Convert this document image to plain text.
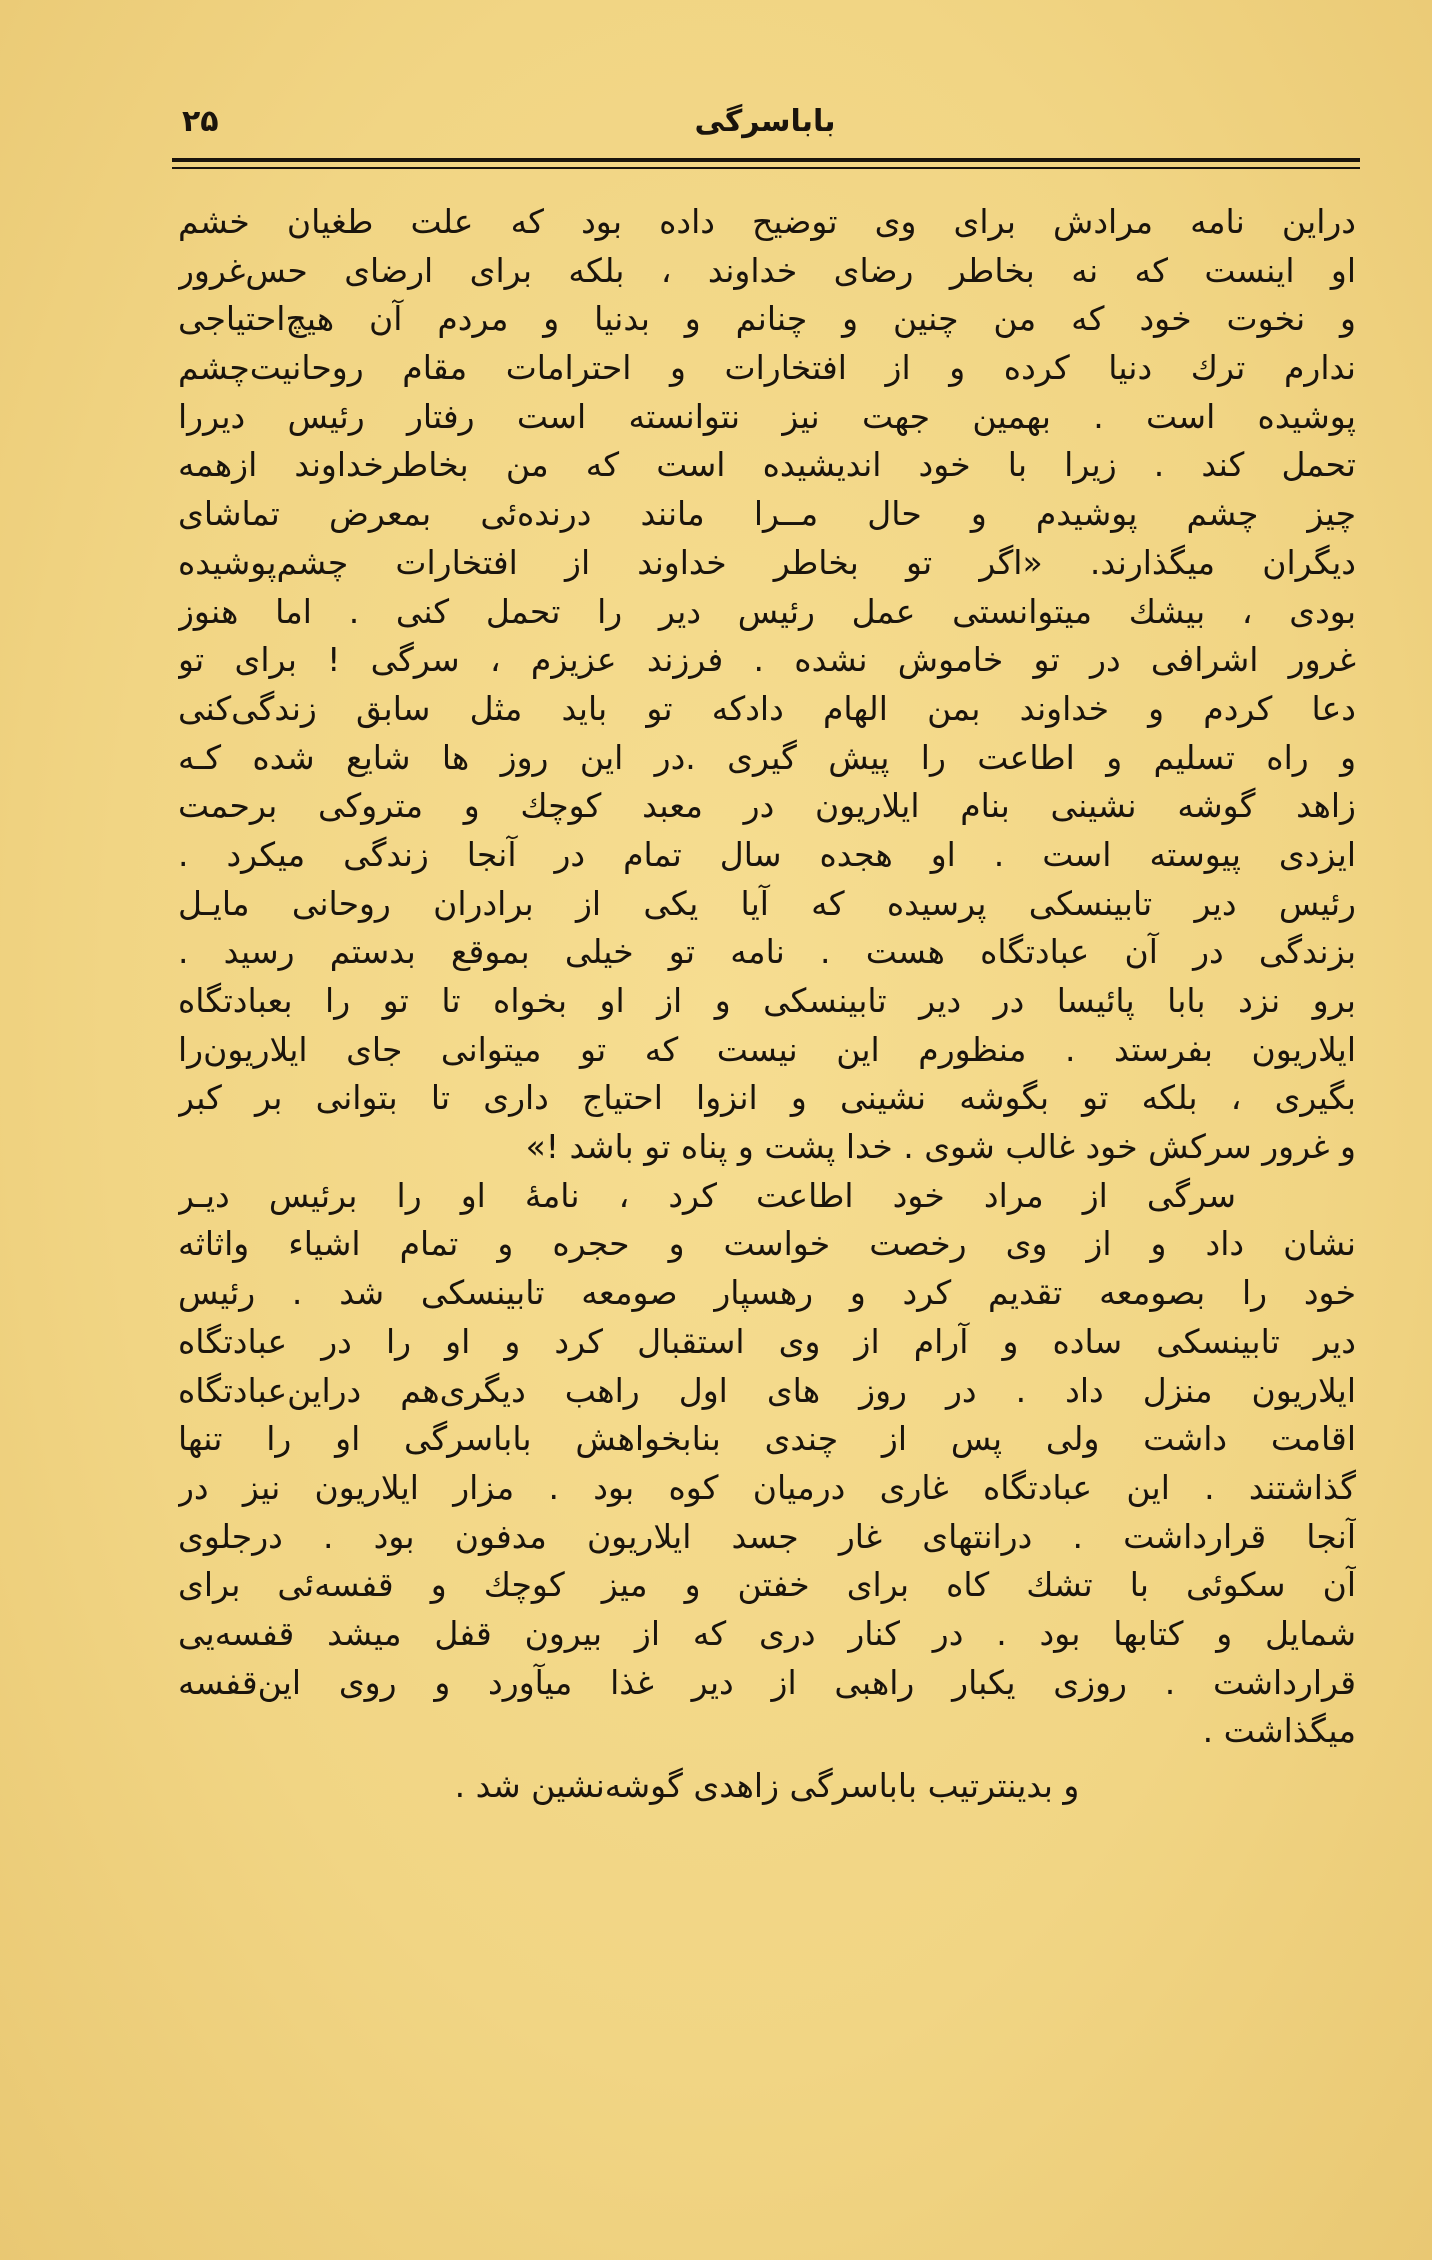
۲۵	باباسرگی
دراین نامه مرادش برای وی توضیح داده بود که علت طغیان خشم
او اینست که نه بخاطر رضای خداوند ، بلکه برای ارضای حس‌غرور
و نخوت خود که من چنین و چنانم و بدنیا و مردم آن هیچ‌احتیاجی
ندارم ترك دنیا کرده و از افتخارات و احترامات مقام روحانیت‌چشم
پوشیده است . بهمین جهت نیز نتوانسته است رفتار رئیس دیررا
تحمل کند . زیرا با خود اندیشیده است که من بخاطرخداوند ازهمه
چیز چشم پوشیدم و حال مــرا مانند درنده‌ئی بمعرض تماشای
دیگران میگذارند. «اگر تو بخاطر خداوند از افتخارات چشم‌پوشیده
بودی ، بیشك میتوانستی عمل رئیس دیر را تحمل کنی . اما هنوز
غرور اشرافی در تو خاموش نشده . فرزند عزیزم ، سرگی ! برای تو
دعا کردم و خداوند بمن الهام دادکه تو باید مثل سابق زندگی‌کنی
و راه تسلیم و اطاعت را پیش گیری .در این روز ها شایع شده کـه
زاهد گوشه نشینی بنام ایلاریون در معبد کوچك و متروکی برحمت
ایزدی پیوسته است . او هجده سال تمام در آنجا زندگی میکرد .
رئیس دیر تابینسکی پرسیده که آیا یکی از برادران روحانی مایـل
بزندگی در آن عبادتگاه هست . نامه تو خیلی بموقع بدستم رسید .
برو نزد بابا پائیسا در دیر تابینسکی و از او بخواه تا تو را بعبادتگاه
ایلاریون بفرستد . منظورم این نیست که تو میتوانی جای ایلاریون‌را
بگیری ، بلکه تو بگوشه نشینی و انزوا احتیاج داری تا بتوانی بر کبر
و غرور سرکش خود غالب شوی . خدا پشت و پناه تو باشد !»
سرگی از مراد خود اطاعت کرد ، نامهٔ او را برئیس دیـر
نشان داد و از وی رخصت خواست و حجره و تمام اشیاء واثاثه
خود را بصومعه تقدیم کرد و رهسپار صومعه تابینسکی شد . رئیس
دیر تابینسکی ساده و آرام از وی استقبال کرد و او را در عبادتگاه
ایلاریون منزل داد . در روز های اول راهب دیگری‌هم دراین‌عبادتگاه
اقامت داشت ولی پس از چندی بنابخواهش باباسرگی او را تنها
گذاشتند . این عبادتگاه غاری درمیان کوه بود . مزار ایلاریون نیز در
آنجا قرارداشت . درانتهای غار جسد ایلاریون مدفون بود . درجلوی
آن سکوئی با تشك کاه برای خفتن و میز کوچك و قفسه‌ئی برای
شمایل و کتابها بود . در کنار دری که از بیرون قفل میشد قفسه‌یی
قرارداشت . روزی یکبار راهبی از دیر غذا میآورد و روی این‌قفسه
میگذاشت .
و بدینترتیب باباسرگی زاهدی گوشه‌نشین شد .
